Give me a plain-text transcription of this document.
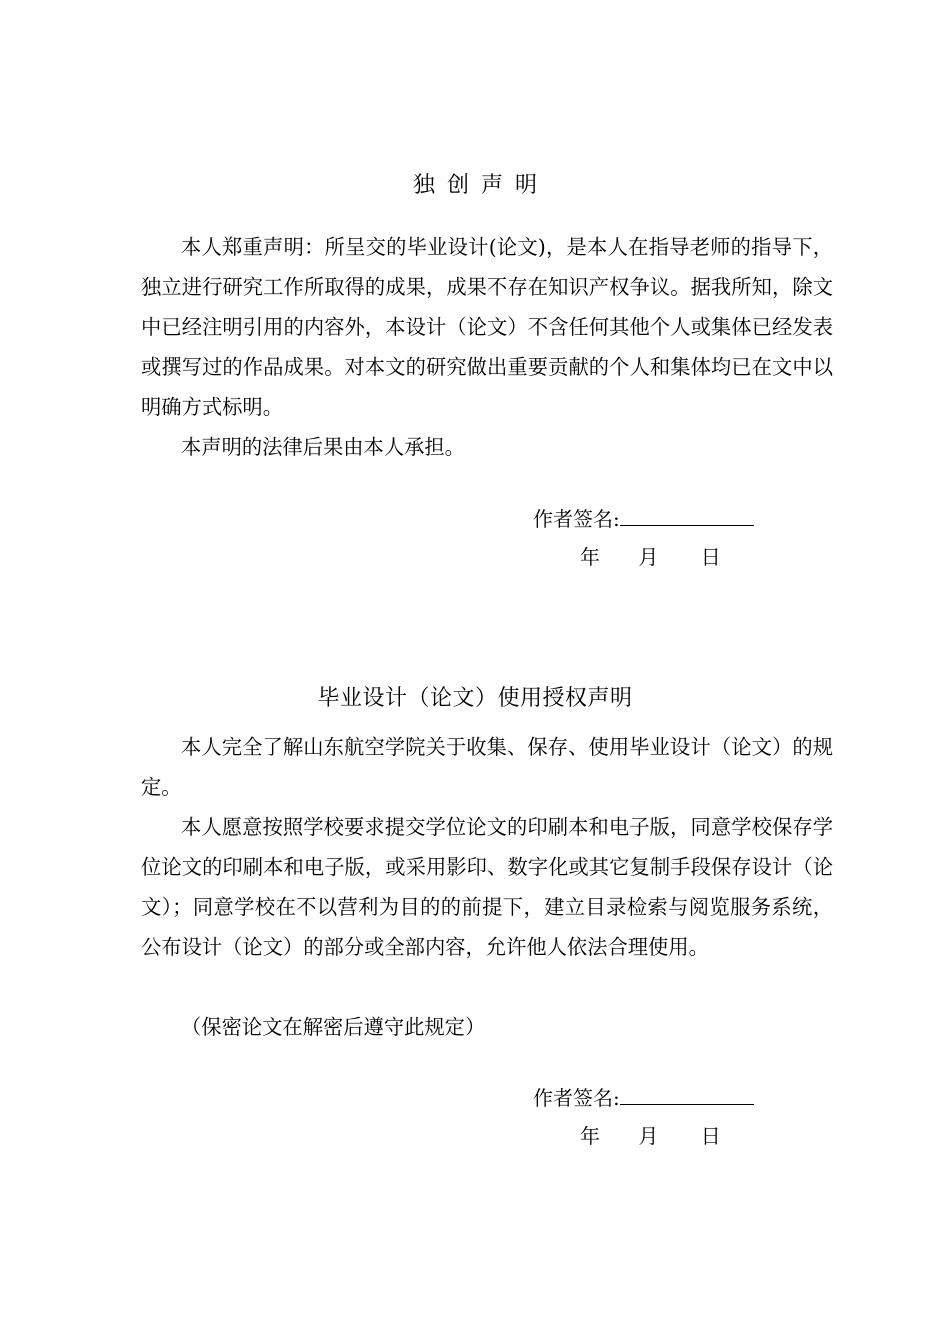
独创声明

本人郑重声明：所呈交的毕业设计(论文)，是本人在指导老师的指导下，独立进行研究工作所取得的成果，成果不存在知识产权争议。据我所知，除文中已经注明引用的内容外，本设计（论文）不含任何其他个人或集体已经发表或撰写过的作品成果。对本文的研究做出重要贡献的个人和集体均已在文中以明确方式标明。

本声明的法律后果由本人承担。

作者签名:
年 月 日
毕业设计（论文）使用授权声明

本人完全了解山东航空学院关于收集、保存、使用毕业设计（论文）的规定。

本人愿意按照学校要求提交学位论文的印刷本和电子版，同意学校保存学位论文的印刷本和电子版，或采用影印、数字化或其它复制手段保存设计（论文）；同意学校在不以营利为目的的前提下，建立目录检索与阅览服务系统，公布设计（论文）的部分或全部内容，允许他人依法合理使用。

（保密论文在解密后遵守此规定）

作者签名:
年 月 日
